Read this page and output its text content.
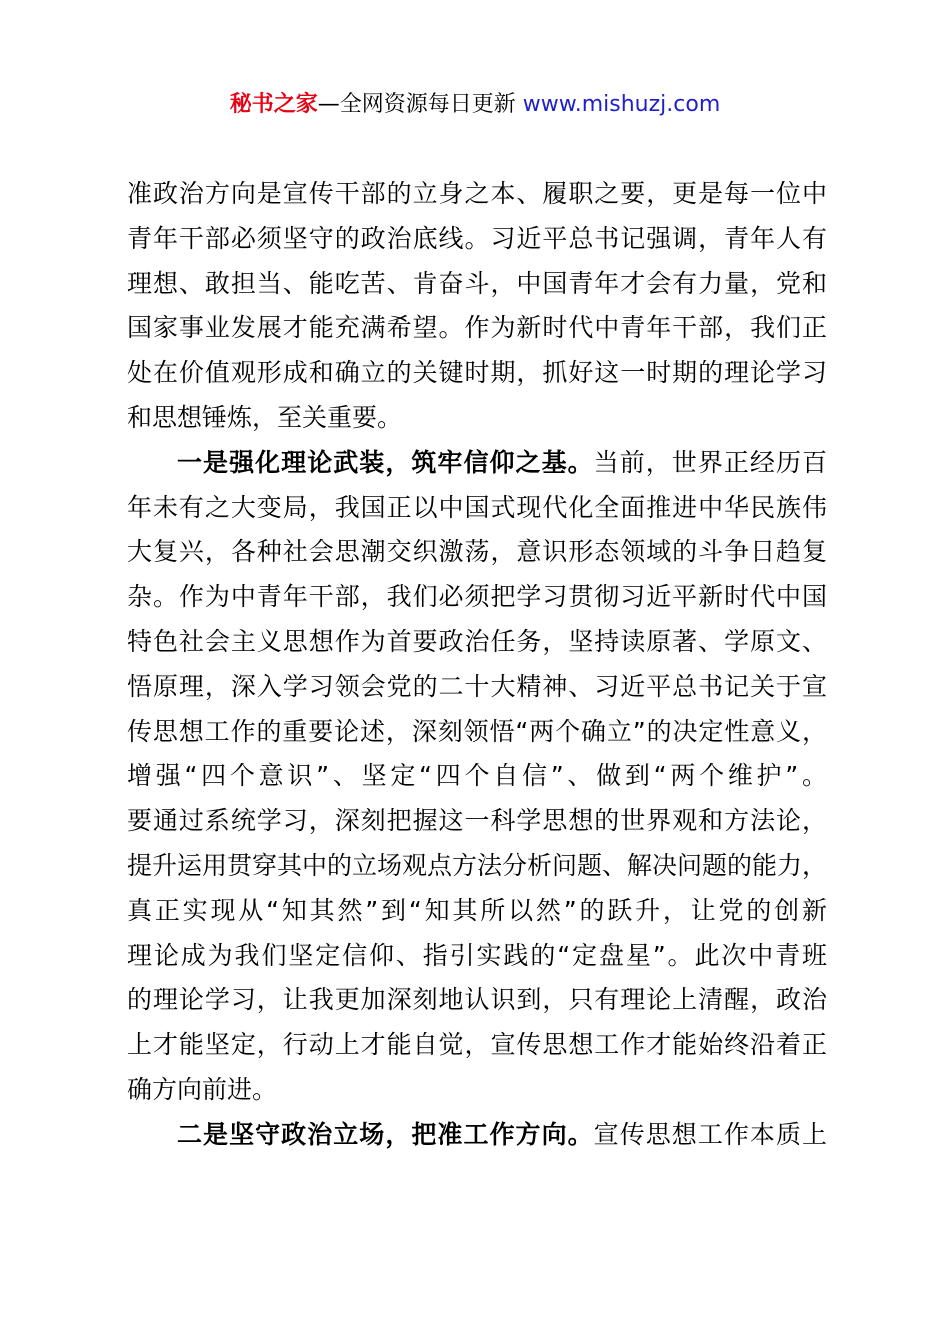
秘书之家—全网资源每日更新 www.mishuzj.com
准政治方向是宣传干部的立身之本、履职之要，更是每一位中
青年干部必须坚守的政治底线。习近平总书记强调，青年人有
理想、敢担当、能吃苦、肯奋斗，中国青年才会有力量，党和
国家事业发展才能充满希望。作为新时代中青年干部，我们正
处在价值观形成和确立的关键时期，抓好这一时期的理论学习
和思想锤炼，至关重要。
一是强化理论武装，筑牢信仰之基。当前，世界正经历百
年未有之大变局，我国正以中国式现代化全面推进中华民族伟
大复兴，各种社会思潮交织激荡，意识形态领域的斗争日趋复
杂。作为中青年干部，我们必须把学习贯彻习近平新时代中国
特色社会主义思想作为首要政治任务，坚持读原著、学原文、
悟原理，深入学习领会党的二十大精神、习近平总书记关于宣
传思想工作的重要论述，深刻领悟“两个确立”的决定性意义，
增强“四个意识”、坚定“四个自信”、做到“两个维护”。
要通过系统学习，深刻把握这一科学思想的世界观和方法论，
提升运用贯穿其中的立场观点方法分析问题、解决问题的能力，
真正实现从“知其然”到“知其所以然”的跃升，让党的创新
理论成为我们坚定信仰、指引实践的“定盘星”。此次中青班
的理论学习，让我更加深刻地认识到，只有理论上清醒，政治
上才能坚定，行动上才能自觉，宣传思想工作才能始终沿着正
确方向前进。
二是坚守政治立场，把准工作方向。宣传思想工作本质上
